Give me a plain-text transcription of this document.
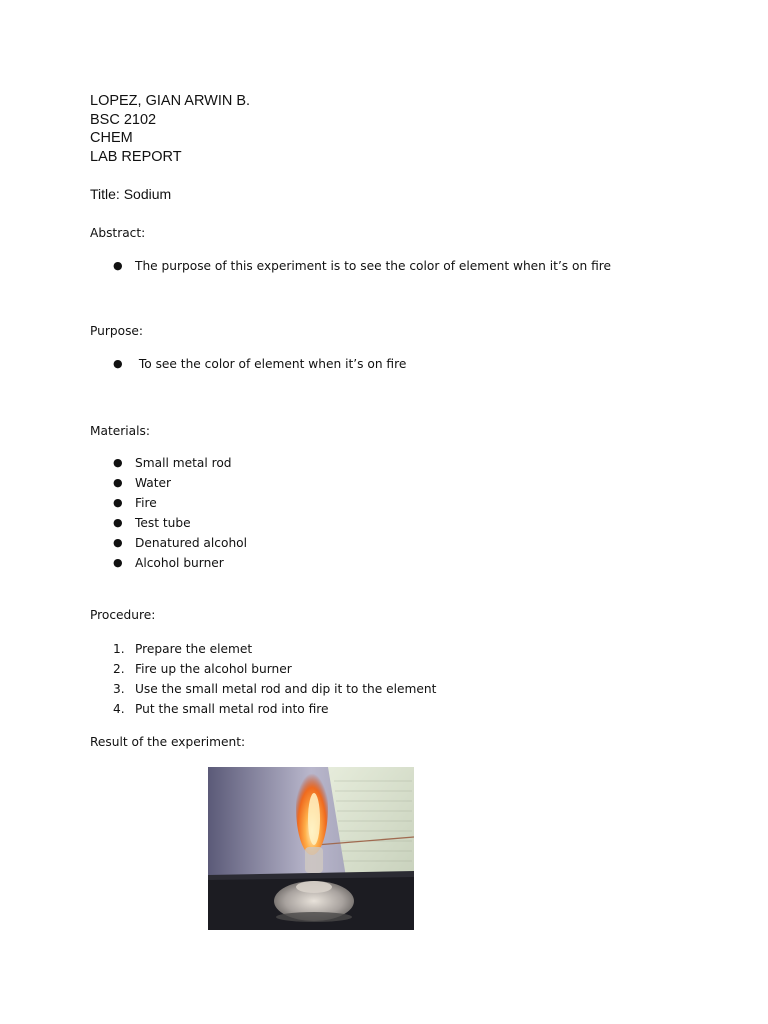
LOPEZ, GIAN ARWIN B.
BSC 2102
CHEM
LAB REPORT
Title: Sodium
Abstract:
● The purpose of this experiment is to see the color of element when it’s on fire
Purpose:
● To see the color of element when it’s on fire
Materials:
● Small metal rod
● Water
● Fire
● Test tube
● Denatured alcohol
● Alcohol burner
Procedure:
1. Prepare the elemet
2. Fire up the alcohol burner
3. Use the small metal rod and dip it to the element
4. Put the small metal rod into fire
Result of the experiment:
